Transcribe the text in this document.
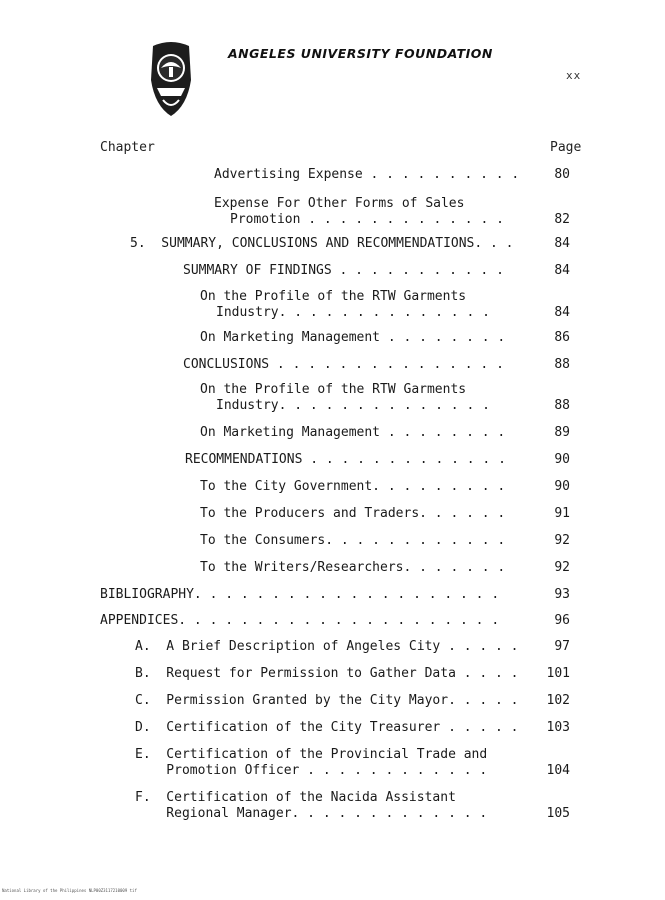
ANGELES UNIVERSITY FOUNDATION
xx
Chapter	Page
Advertising Expense . . . . . . . . . .	80
Expense For Other Forms of Sales
Promotion . . . . . . . . . . . . .	82
5.  SUMMARY, CONCLUSIONS AND RECOMMENDATIONS. . .	84
SUMMARY OF FINDINGS . . . . . . . . . . .	84
On the Profile of the RTW Garments
Industry. . . . . . . . . . . . . .	84
On Marketing Management . . . . . . . .	86
CONCLUSIONS . . . . . . . . . . . . . . .	88
On the Profile of the RTW Garments
Industry. . . . . . . . . . . . . .	88
On Marketing Management . . . . . . . .	89
RECOMMENDATIONS . . . . . . . . . . . . .	90
To the City Government. . . . . . . . .	90
To the Producers and Traders. . . . . .	91
To the Consumers. . . . . . . . . . . .	92
To the Writers/Researchers. . . . . . .	92
BIBLIOGRAPHY. . . . . . . . . . . . . . . . . . . .	93
APPENDICES. . . . . . . . . . . . . . . . . . . . .	96
A.  A Brief Description of Angeles City . . . . .	97
B.  Request for Permission to Gather Data . . . .	101
C.  Permission Granted by the City Mayor. . . . .	102
D.  Certification of the City Treasurer . . . . .	103
E.  Certification of the Provincial Trade and
Promotion Officer . . . . . . . . . . . .	104
F.  Certification of the Nacida Assistant
Regional Manager. . . . . . . . . . . . .	105
National Library of the Philippines NLP00Z3117210009 tif
